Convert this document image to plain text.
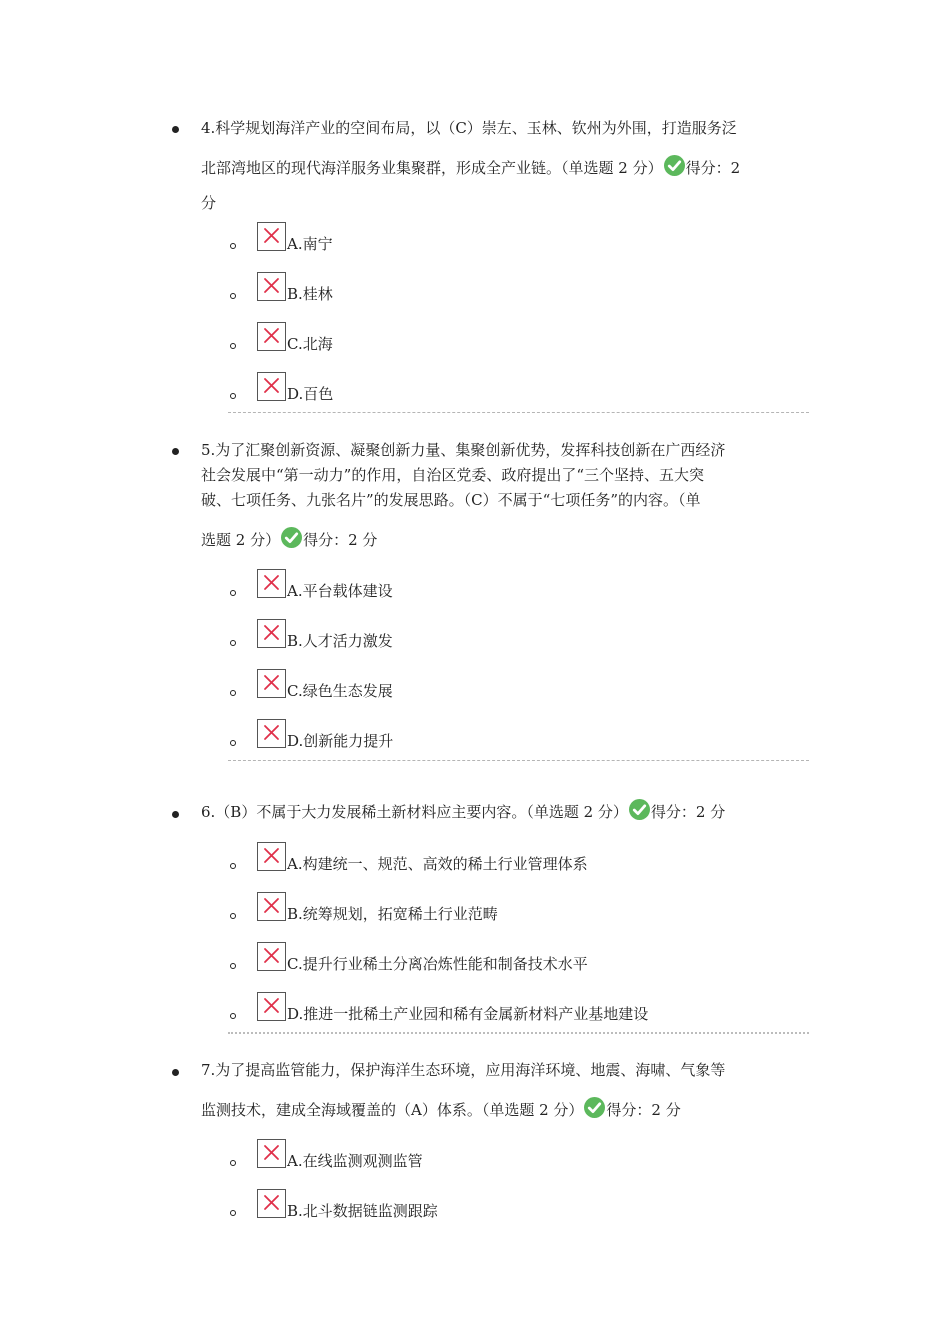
4.科学规划海洋产业的空间布局，以（C）崇左、玉林、钦州为外围，打造服务泛
北部湾地区的现代海洋服务业集聚群，形成全产业链。（单选题 2 分） 得分：2
分
A.南宁
B.桂林
C.北海
D.百色
5.为了汇聚创新资源、凝聚创新力量、集聚创新优势，发挥科技创新在广西经济
社会发展中“第一动力”的作用，自治区党委、政府提出了“三个坚持、五大突
破、七项任务、九张名片”的发展思路。（C）不属于“七项任务”的内容。（单
选题 2 分） 得分：2 分
A.平台载体建设
B.人才活力激发
C.绿色生态发展
D.创新能力提升
6.（B）不属于大力发展稀土新材料应主要内容。（单选题 2 分） 得分：2 分
A.构建统一、规范、高效的稀土行业管理体系
B.统筹规划，拓宽稀土行业范畴
C.提升行业稀土分离冶炼性能和制备技术水平
D.推进一批稀土产业园和稀有金属新材料产业基地建设
7.为了提高监管能力，保护海洋生态环境，应用海洋环境、地震、海啸、气象等
监测技术，建成全海域覆盖的（A）体系。（单选题 2 分） 得分：2 分
A.在线监测观测监管
B.北斗数据链监测跟踪
